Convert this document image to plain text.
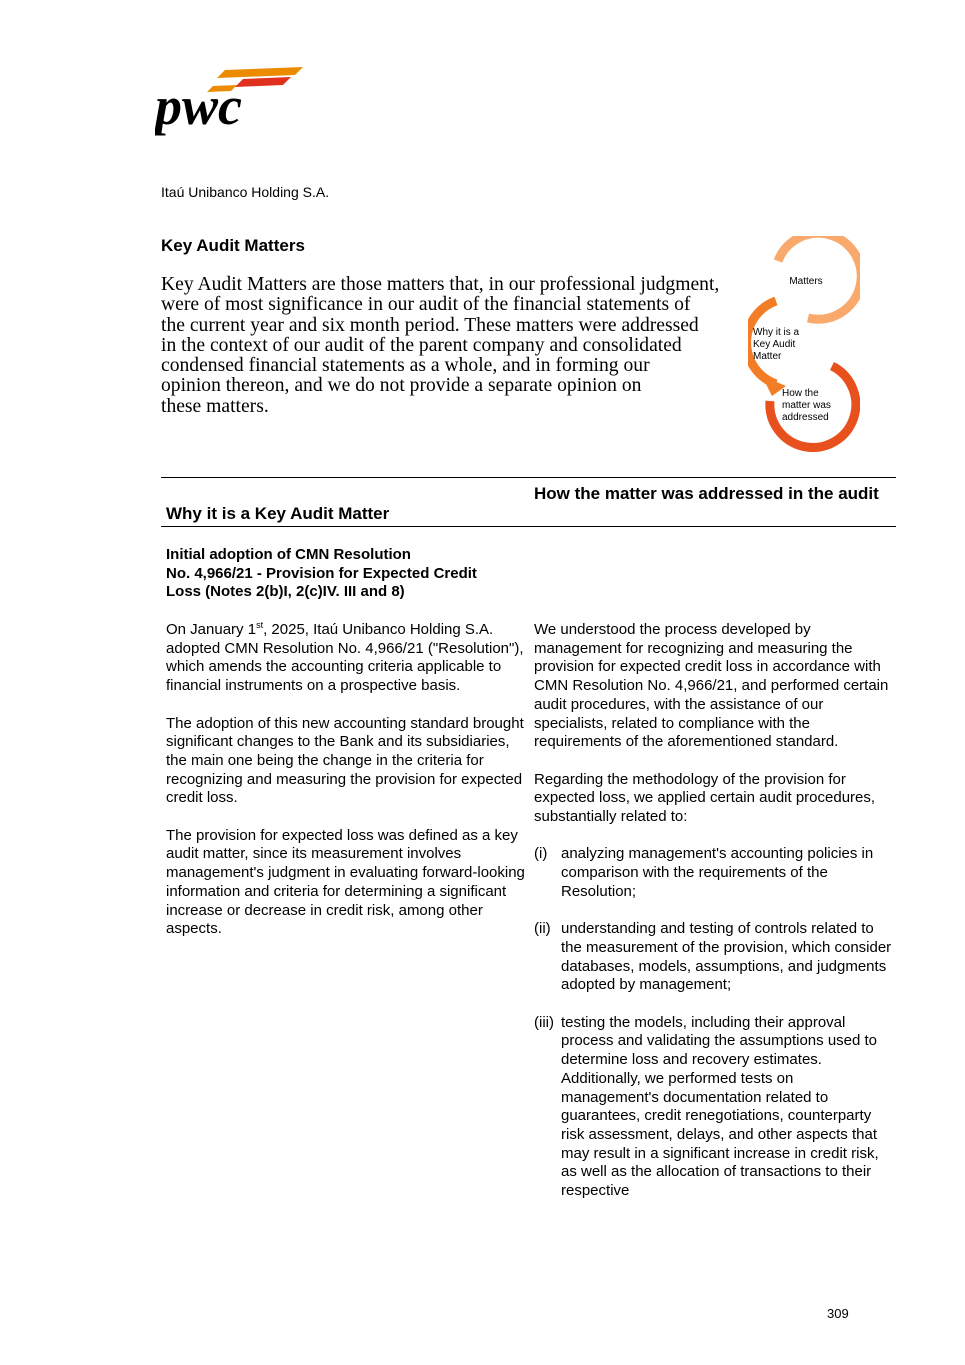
pwc
Itaú Unibanco Holding S.A.
Key Audit Matters

Key Audit Matters are those matters that, in our professional judgment,
were of most significance in our audit of the financial statements of
the current year and six month period. These matters were addressed
in the context of our audit of the parent company and consolidated
condensed financial statements as a whole, and in forming our
opinion thereon, and we do not provide a separate opinion on
these matters.

Matters
Why it is a
Key Audit
Matter
How the
matter was
addressed
Why it is a Key Audit Matter
How the matter was addressed in the audit
Initial adoption of CMN Resolution
No. 4,966/21 - Provision for Expected Credit
Loss (Notes 2(b)I, 2(c)IV. III and 8)

On January 1st, 2025, Itaú Unibanco Holding S.A. adopted CMN Resolution No. 4,966/21 ("Resolution"), which amends the accounting criteria applicable to financial instruments on a prospective basis.

The adoption of this new accounting standard brought significant changes to the Bank and its subsidiaries, the main one being the change in the criteria for recognizing and measuring the provision for expected credit loss.

The provision for expected loss was defined as a key audit matter, since its measurement involves management's judgment in evaluating forward-looking information and criteria for determining a significant increase or decrease in credit risk, among other aspects.

We understood the process developed by management for recognizing and measuring the provision for expected credit loss in accordance with CMN Resolution No. 4,966/21, and performed certain audit procedures, with the assistance of our specialists, related to compliance with the requirements of the aforementioned standard.

Regarding the methodology of the provision for expected loss, we applied certain audit procedures, substantially related to:

(i) analyzing management's accounting policies in comparison with the requirements of the Resolution;
(ii) understanding and testing of controls related to the measurement of the provision, which consider databases, models, assumptions, and judgments adopted by management;
(iii) testing the models, including their approval process and validating the assumptions used to determine loss and recovery estimates. Additionally, we performed tests on management's documentation related to guarantees, credit renegotiations, counterparty risk assessment, delays, and other aspects that may result in a significant increase in credit risk, as well as the allocation of transactions to their respective
309
